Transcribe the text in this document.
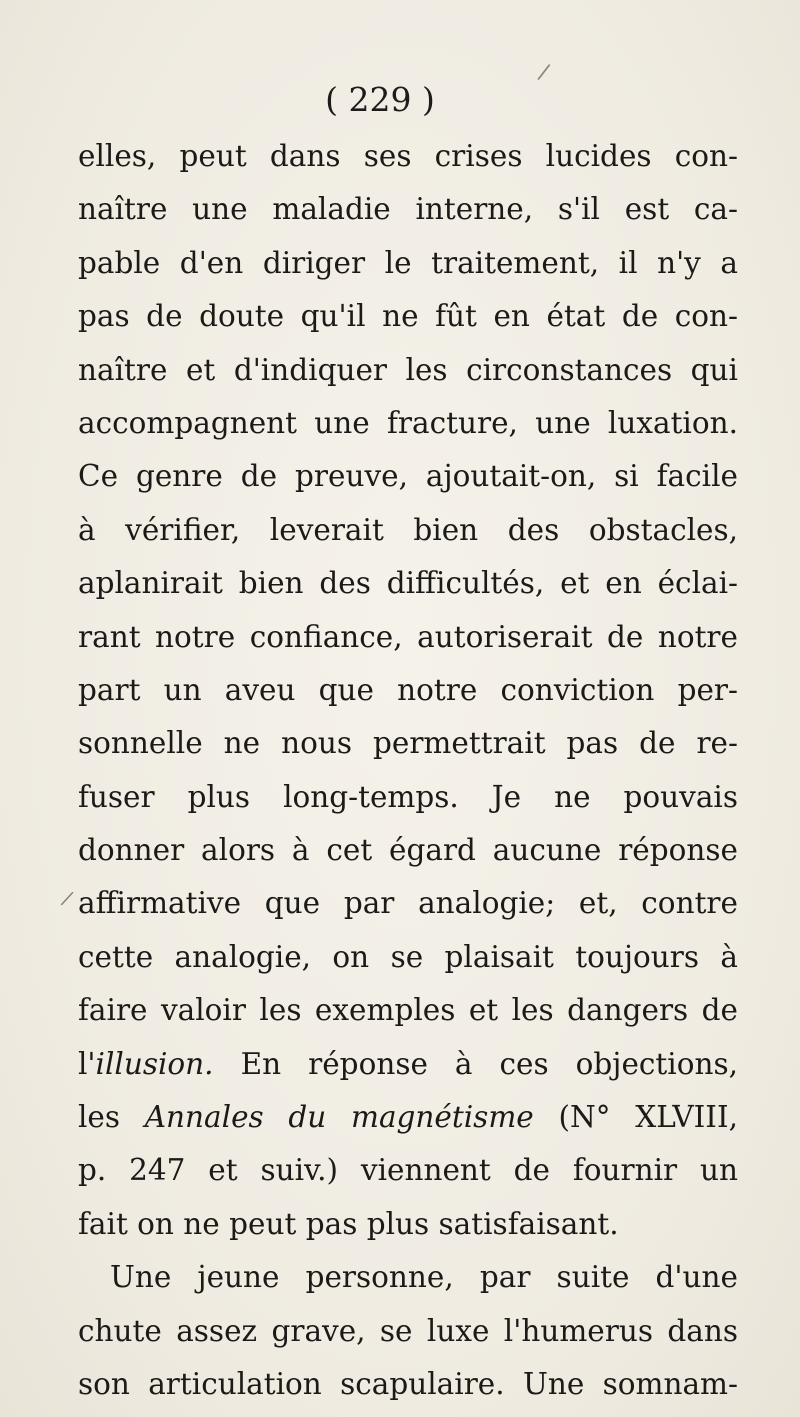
( 229 )
elles, peut dans ses crises lucides con-
naître une maladie interne, s'il est ca-
pable d'en diriger le traitement, il n'y a
pas de doute qu'il ne fût en état de con-
naître et d'indiquer les circonstances qui
accompagnent une fracture, une luxation.
Ce genre de preuve, ajoutait-on, si facile
à vérifier, leverait bien des obstacles,
aplanirait bien des difficultés, et en éclai-
rant notre confiance, autoriserait de notre
part un aveu que notre conviction per-
sonnelle ne nous permettrait pas de re-
fuser plus long-temps. Je ne pouvais
donner alors à cet égard aucune réponse
affirmative que par analogie; et, contre
cette analogie, on se plaisait toujours à
faire valoir les exemples et les dangers de
l'illusion. En réponse à ces objections,
les Annales du magnétisme (N° XLVIII,
p. 247 et suiv.) viennent de fournir un
fait on ne peut pas plus satisfaisant.
Une jeune personne, par suite d'une
chute assez grave, se luxe l'humerus dans
son articulation scapulaire. Une somnam-
/
/
